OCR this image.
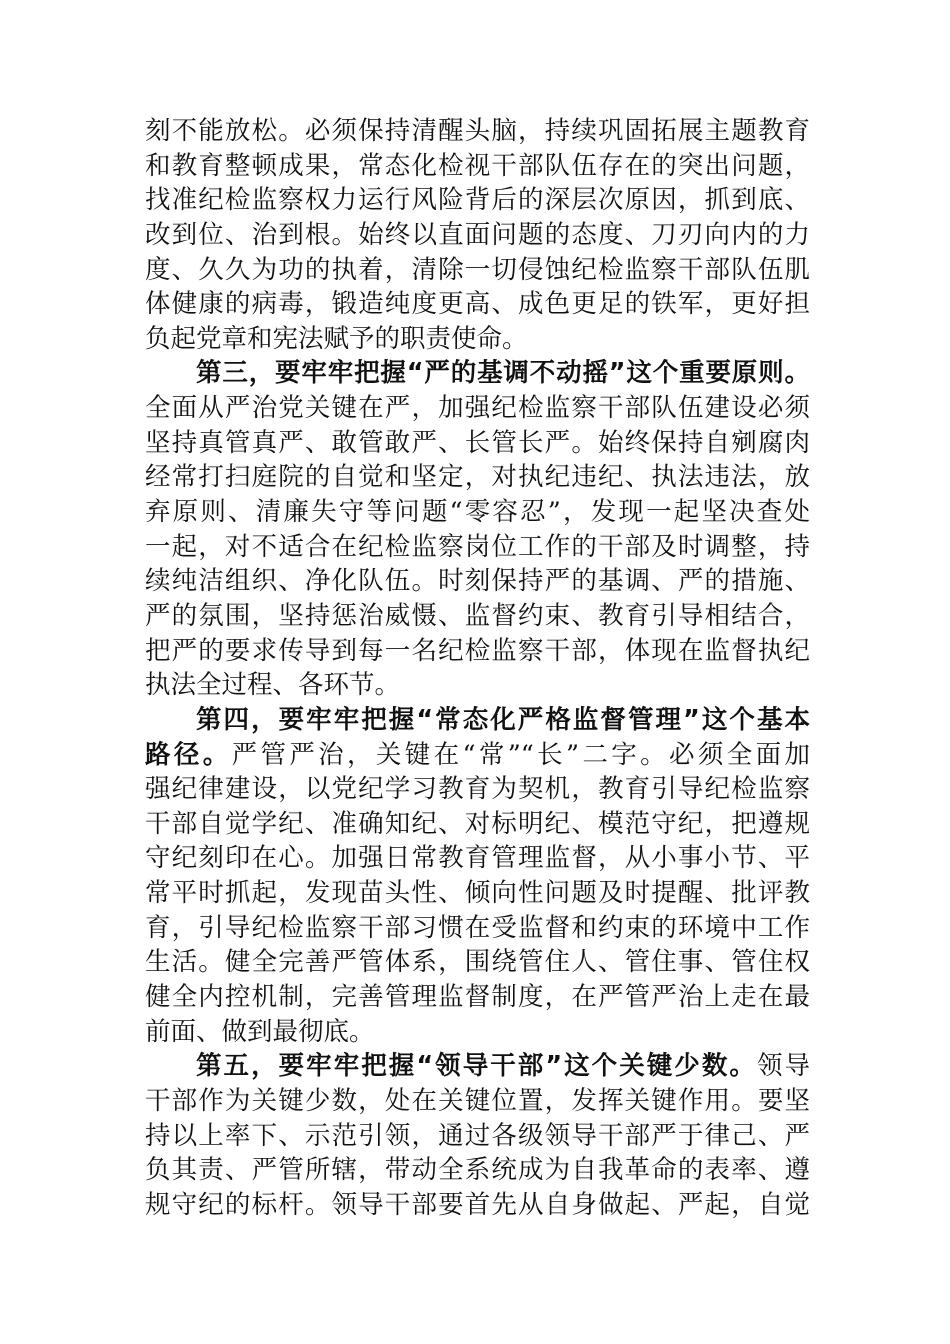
刻不能放松。必须保持清醒头脑，持续巩固拓展主题教育
和教育整顿成果，常态化检视干部队伍存在的突出问题，
找准纪检监察权力运行风险背后的深层次原因，抓到底、
改到位、治到根。始终以直面问题的态度、刀刃向内的力
度、久久为功的执着，清除一切侵蚀纪检监察干部队伍肌
体健康的病毒，锻造纯度更高、成色更足的铁军，更好担
负起党章和宪法赋予的职责使命。
第三，要牢牢把握“严的基调不动摇”这个重要原则。
全面从严治党关键在严，加强纪检监察干部队伍建设必须
坚持真管真严、敢管敢严、长管长严。始终保持自剜腐肉
经常打扫庭院的自觉和坚定，对执纪违纪、执法违法，放
弃原则、清廉失守等问题“零容忍”，发现一起坚决查处
一起，对不适合在纪检监察岗位工作的干部及时调整，持
续纯洁组织、净化队伍。时刻保持严的基调、严的措施、
严的氛围，坚持惩治威慑、监督约束、教育引导相结合，
把严的要求传导到每一名纪检监察干部，体现在监督执纪
执法全过程、各环节。
第四，要牢牢把握“常态化严格监督管理”这个基本
路径。严管严治，关键在“常”“长”二字。必须全面加
强纪律建设，以党纪学习教育为契机，教育引导纪检监察
干部自觉学纪、准确知纪、对标明纪、模范守纪，把遵规
守纪刻印在心。加强日常教育管理监督，从小事小节、平
常平时抓起，发现苗头性、倾向性问题及时提醒、批评教
育，引导纪检监察干部习惯在受监督和约束的环境中工作
生活。健全完善严管体系，围绕管住人、管住事、管住权
健全内控机制，完善管理监督制度，在严管严治上走在最
前面、做到最彻底。
第五，要牢牢把握“领导干部”这个关键少数。领导
干部作为关键少数，处在关键位置，发挥关键作用。要坚
持以上率下、示范引领，通过各级领导干部严于律己、严
负其责、严管所辖，带动全系统成为自我革命的表率、遵
规守纪的标杆。领导干部要首先从自身做起、严起，自觉
